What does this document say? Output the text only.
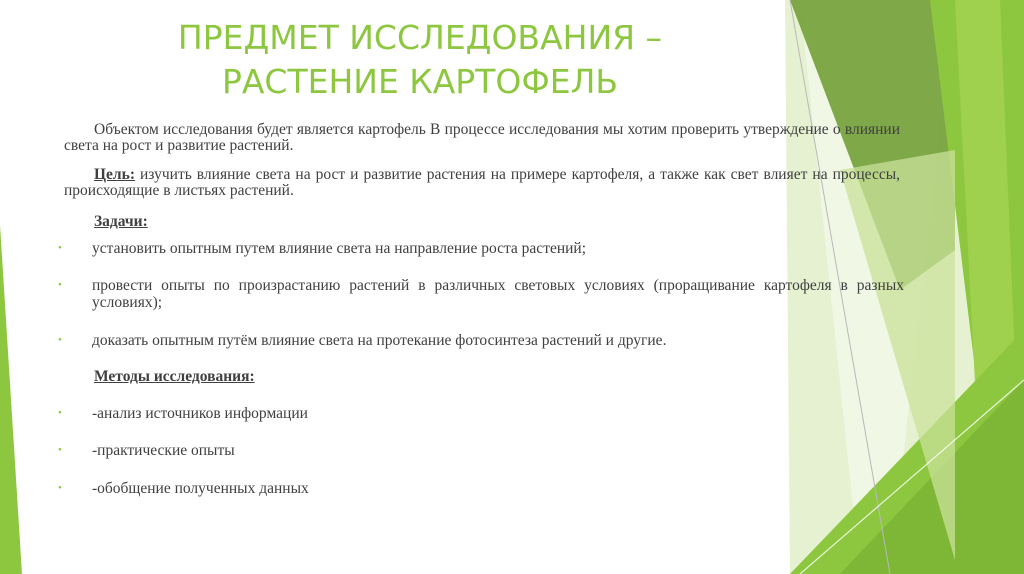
ПРЕДМЕТ ИССЛЕДОВАНИЯ –
РАСТЕНИЕ КАРТОФЕЛЬ
Объектом исследования будет является картофель В процессе исследования мы хотим проверить утверждение о влиянии света на рост и развитие растений.
Цель: изучить влияние света на рост и развитие растения на примере картофеля, а также как свет влияет на процессы, происходящие в листьях растений.
Задачи:
• установить опытным путем влияние света на направление роста растений;
• провести опыты по произрастанию растений в различных световых условиях (проращивание картофеля в разных условиях);
• доказать опытным путём влияние света на протекание фотосинтеза растений и другие.
Методы исследования:
• -анализ источников информации
• -практические опыты
• -обобщение полученных данных
